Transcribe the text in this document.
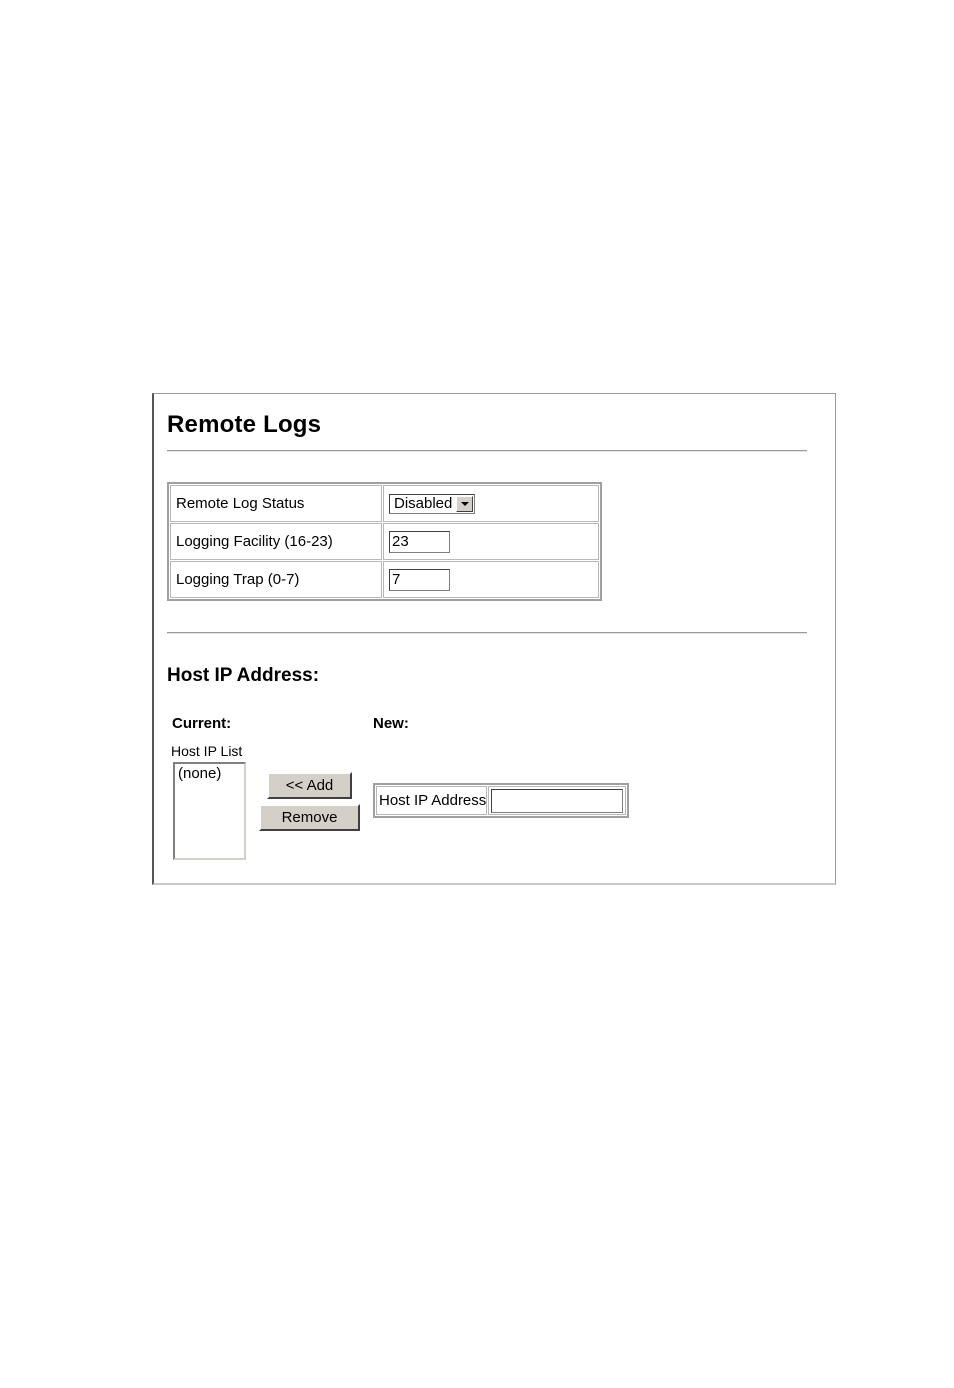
Remote Logs
Remote Log Status	Disabled

Logging Facility (16-23)	23
Logging Trap (0-7)	7
Host IP Address:
Current:	New:
Host IP List
(none)
<< Add
Remove
Host IP Address
